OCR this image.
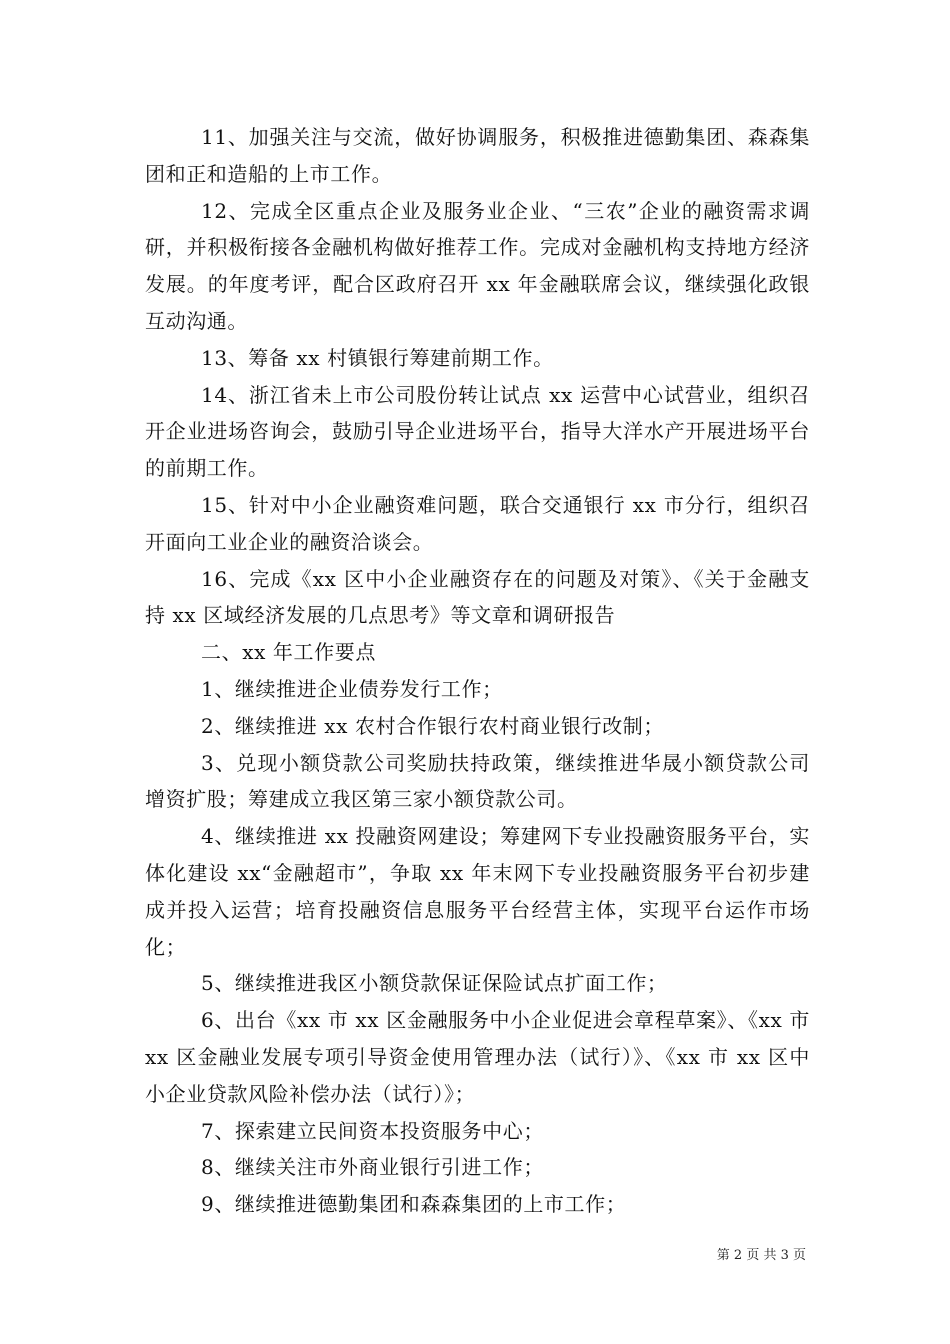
11、加强关注与交流，做好协调服务，积极推进德勤集团、森森集团和正和造船的上市工作。

12、完成全区重点企业及服务业企业、“三农”企业的融资需求调研，并积极衔接各金融机构做好推荐工作。完成对金融机构支持地方经济发展。的年度考评，配合区政府召开 xx 年金融联席会议，继续强化政银互动沟通。

13、筹备 xx 村镇银行筹建前期工作。

14、浙江省未上市公司股份转让试点 xx 运营中心试营业，组织召开企业进场咨询会，鼓励引导企业进场平台，指导大洋水产开展进场平台的前期工作。

15、针对中小企业融资难问题，联合交通银行 xx 市分行，组织召开面向工业企业的融资洽谈会。

16、完成《xx 区中小企业融资存在的问题及对策》、《关于金融支持 xx 区域经济发展的几点思考》等文章和调研报告

二、xx 年工作要点

1、继续推进企业债券发行工作；

2、继续推进 xx 农村合作银行农村商业银行改制；

3、兑现小额贷款公司奖励扶持政策，继续推进华晟小额贷款公司增资扩股；筹建成立我区第三家小额贷款公司。

4、继续推进 xx 投融资网建设；筹建网下专业投融资服务平台，实体化建设 xx“金融超市”，争取 xx 年末网下专业投融资服务平台初步建成并投入运营；培育投融资信息服务平台经营主体，实现平台运作市场化；

5、继续推进我区小额贷款保证保险试点扩面工作；

6、出台《xx 市 xx 区金融服务中小企业促进会章程草案》、《xx 市 xx 区金融业发展专项引导资金使用管理办法（试行）》、《xx 市 xx 区中小企业贷款风险补偿办法（试行）》；

7、探索建立民间资本投资服务中心；

8、继续关注市外商业银行引进工作；

9、继续推进德勤集团和森森集团的上市工作；

第 2 页 共 3 页
